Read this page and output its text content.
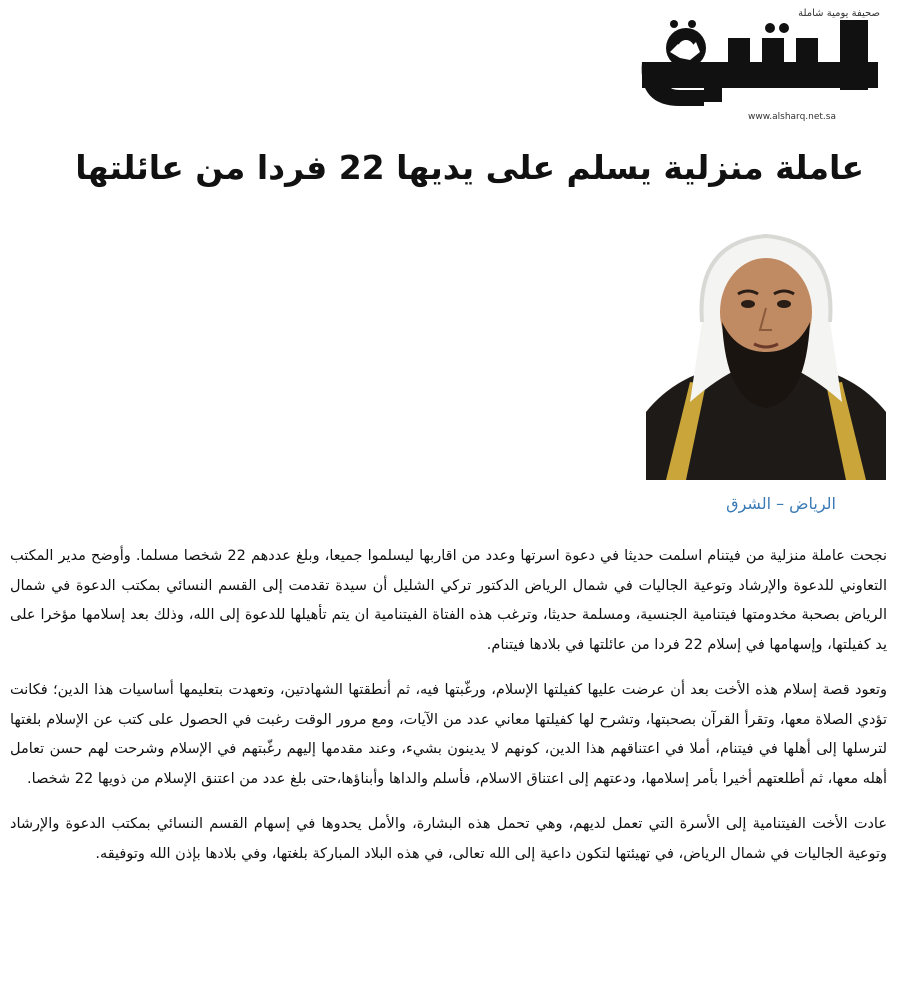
صحيفة يومية شاملة
www.alsharq.net.sa
عاملة منزلية يسلم على يديها 22 فردا من عائلتها
الرياض – الشرق

نجحت عاملة منزلية من فيتنام اسلمت حديثا في دعوة اسرتها وعدد من اقاربها ليسلموا جميعا، وبلغ عددهم 22 شخصا مسلما. وأوضح مدير المكتب التعاوني للدعوة والإرشاد وتوعية الجاليات في شمال الرياض الدكتور تركي الشليل أن سيدة تقدمت إلى القسم النسائي بمكتب الدعوة في شمال الرياض بصحبة مخدومتها فيتنامية الجنسية، ومسلمة حديثا، وترغب هذه الفتاة الفيتنامية ان يتم تأهيلها للدعوة إلى الله، وذلك بعد إسلامها مؤخرا على يد كفيلتها، وإسهامها في إسلام 22 فردا من عائلتها في بلادها فيتنام.

وتعود قصة إسلام هذه الأخت بعد أن عرضت عليها كفيلتها الإسلام، ورغّبتها فيه، ثم أنطقتها الشهادتين، وتعهدت بتعليمها أساسيات هذا الدين؛ فكانت تؤدي الصلاة معها، وتقرأ القرآن بصحبتها، وتشرح لها كفيلتها معاني عدد من الآيات، ومع مرور الوقت رغبت في الحصول على كتب عن الإسلام بلغتها لترسلها إلى أهلها في فيتنام، أملا في اعتناقهم هذا الدين، كونهم لا يدينون بشيء، وعند مقدمها إليهم رغّبتهم في الإسلام وشرحت لهم حسن تعامل أهله معها، ثم أطلعتهم أخيرا بأمر إسلامها، ودعتهم إلى اعتناق الاسلام، فأسلم والداها وأبناؤها،حتى بلغ عدد من اعتنق الإسلام من ذويها 22 شخصا.

عادت الأخت الفيتنامية إلى الأسرة التي تعمل لديهم، وهي تحمل هذه البشارة، والأمل يحدوها في إسهام القسم النسائي بمكتب الدعوة والإرشاد وتوعية الجاليات في شمال الرياض، في تهيئتها لتكون داعية إلى الله تعالى، في هذه البلاد المباركة بلغتها، وفي بلادها بإذن الله وتوفيقه.
